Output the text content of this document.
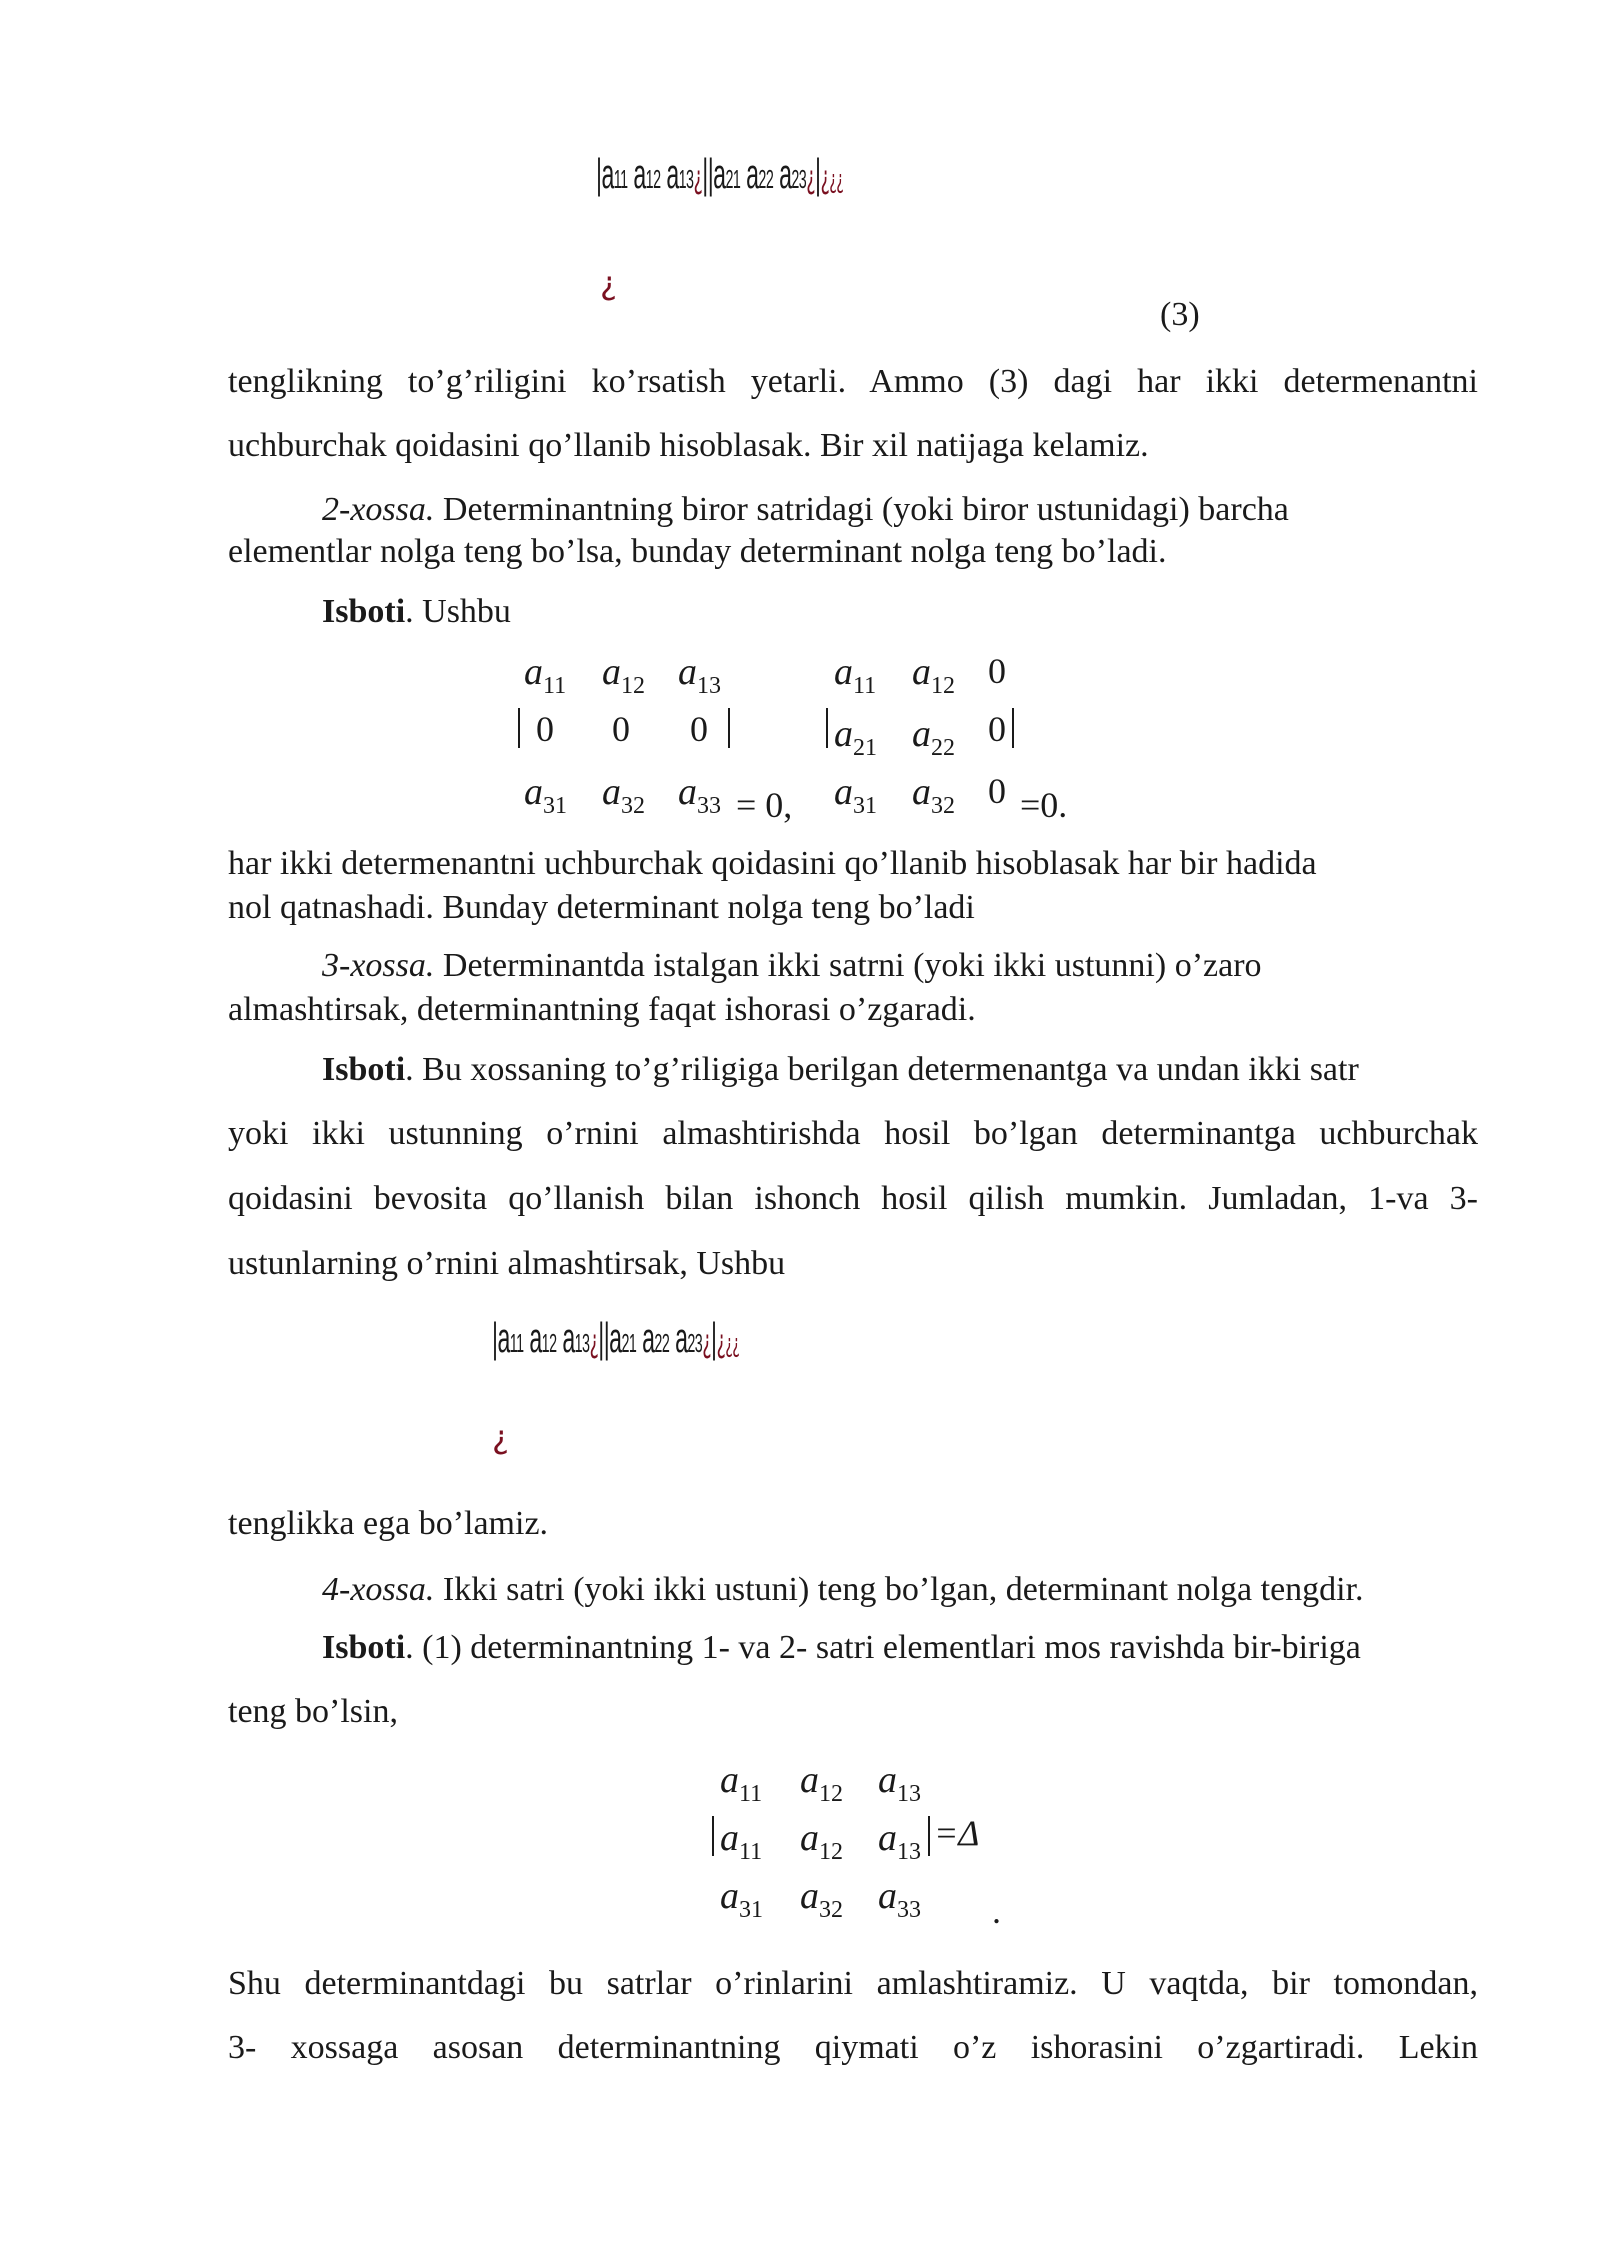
|a11 a12 a13¿||a21 a22 a23¿|¿¿¿
¿
(3)
tenglikning to’g’riligini ko’rsatish yetarli. Ammo (3) dagi har ikki determenantni
uchburchak qoidasini qo’llanib hisoblasak. Bir xil natijaga kelamiz.
2-xossa. Determinantning biror satridagi (yoki biror ustunidagi) barcha
elementlar nolga teng bo’lsa, bunday determinant nolga teng bo’ladi.
Isboti. Ushbu
$a_{11}$ $a_{12}$ $a_{13}$
0 0 0
$a_{31}$ $a_{32}$ $a_{33} = 0$,
$a_{11}$ $a_{12}$ 0
$a_{21}$ $a_{22}$ 0
$a_{31}$ $a_{32}$ 0 =0.
har ikki determenantni uchburchak qoidasini qo’llanib hisoblasak har bir hadida
nol qatnashadi. Bunday determinant nolga teng bo’ladi
3-xossa. Determinantda istalgan ikki satrni (yoki ikki ustunni) o’zaro
almashtirsak, determinantning faqat ishorasi o’zgaradi.
Isboti. Bu xossaning to’g’riligiga berilgan determenantga va undan ikki satr
yoki ikki ustunning o’rnini almashtirishda hosil bo’lgan determinantga uchburchak
qoidasini bevosita qo’llanish bilan ishonch hosil qilish mumkin. Jumladan, 1-va 3-
ustunlarning o’rnini almashtirsak, Ushbu
|a11 a12 a13¿||a21 a22 a23¿|¿¿¿
¿
tenglikka ega bo’lamiz.
4-xossa. Ikki satri (yoki ikki ustuni) teng bo’lgan, determinant nolga tengdir.
Isboti. (1) determinantning 1- va 2- satri elementlari mos ravishda bir-biriga
teng bo’lsin,
$a_{11}$ $a_{12}$ $a_{13}$
$a_{11}$ $a_{12}$ $a_{13} =\Delta$
$a_{31}$ $a_{32}$ $a_{33}$ .
Shu determinantdagi bu satrlar o’rinlarini amlashtiramiz. U vaqtda, bir tomondan,
3- xossaga asosan determinantning qiymati o’z ishorasini o’zgartiradi. Lekin
